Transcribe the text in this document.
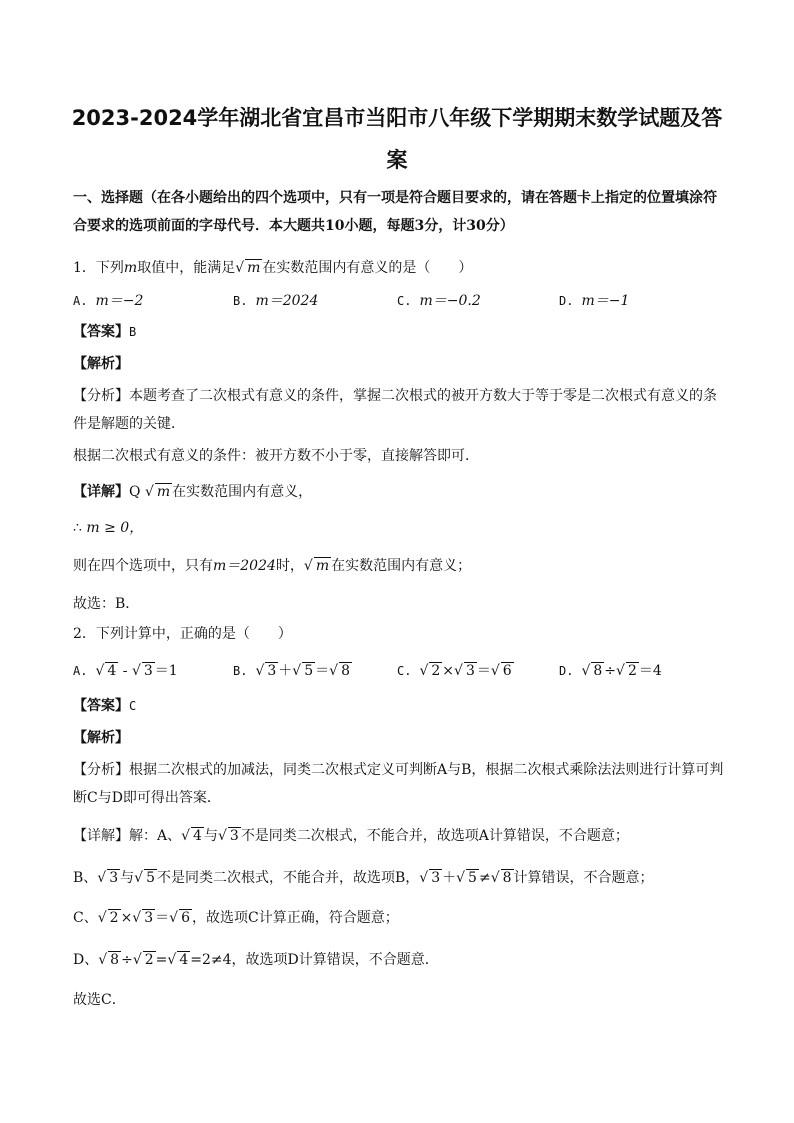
2023-2024学年湖北省宜昌市当阳市八年级下学期期末数学试题及答
案
一、选择题（在各小题给出的四个选项中，只有一项是符合题目要求的，请在答题卡上指定的位置填涂符
合要求的选项前面的字母代号．本大题共10小题，每题3分，计30分）
1．下列m取值中，能满足√ m 在实数范围内有意义的是（　　）
A. m＝−2	B. m＝2024	C. m＝−0.2	D. m＝−1
【答案】B
【解析】
【分析】本题考查了二次根式有意义的条件，掌握二次根式的被开方数大于等于零是二次根式有意义的条
件是解题的关键．
根据二次根式有意义的条件：被开方数不小于零，直接解答即可．
【详解】Q √ m 在实数范围内有意义，
∴ m ≥ 0，
则在四个选项中，只有m＝2024时，√ m 在实数范围内有意义；
故选：B．
2．下列计算中，正确的是（　　）
A. √ 4 - √ 3 ＝1	B. √ 3 ＋√ 5 ＝√ 8	C. √ 2 ×√ 3 ＝√ 6	D. √ 8 ÷√ 2 ＝4
【答案】C
【解析】
【分析】根据二次根式的加减法，同类二次根式定义可判断A与B，根据二次根式乘除法法则进行计算可判
断C与D即可得出答案．
【详解】解：A、√ 4 与√ 3 不是同类二次根式，不能合并，故选项A计算错误，不合题意；
B、√ 3 与√ 5 不是同类二次根式，不能合并，故选项B，√ 3 ＋√ 5 ≠√ 8 计算错误，不合题意；
C、√ 2 ×√ 3 ＝√ 6 ，故选项C计算正确，符合题意；
D、√ 8 ÷√ 2 =√ 4 =2≠4，故选项D计算错误，不合题意．
故选C．
